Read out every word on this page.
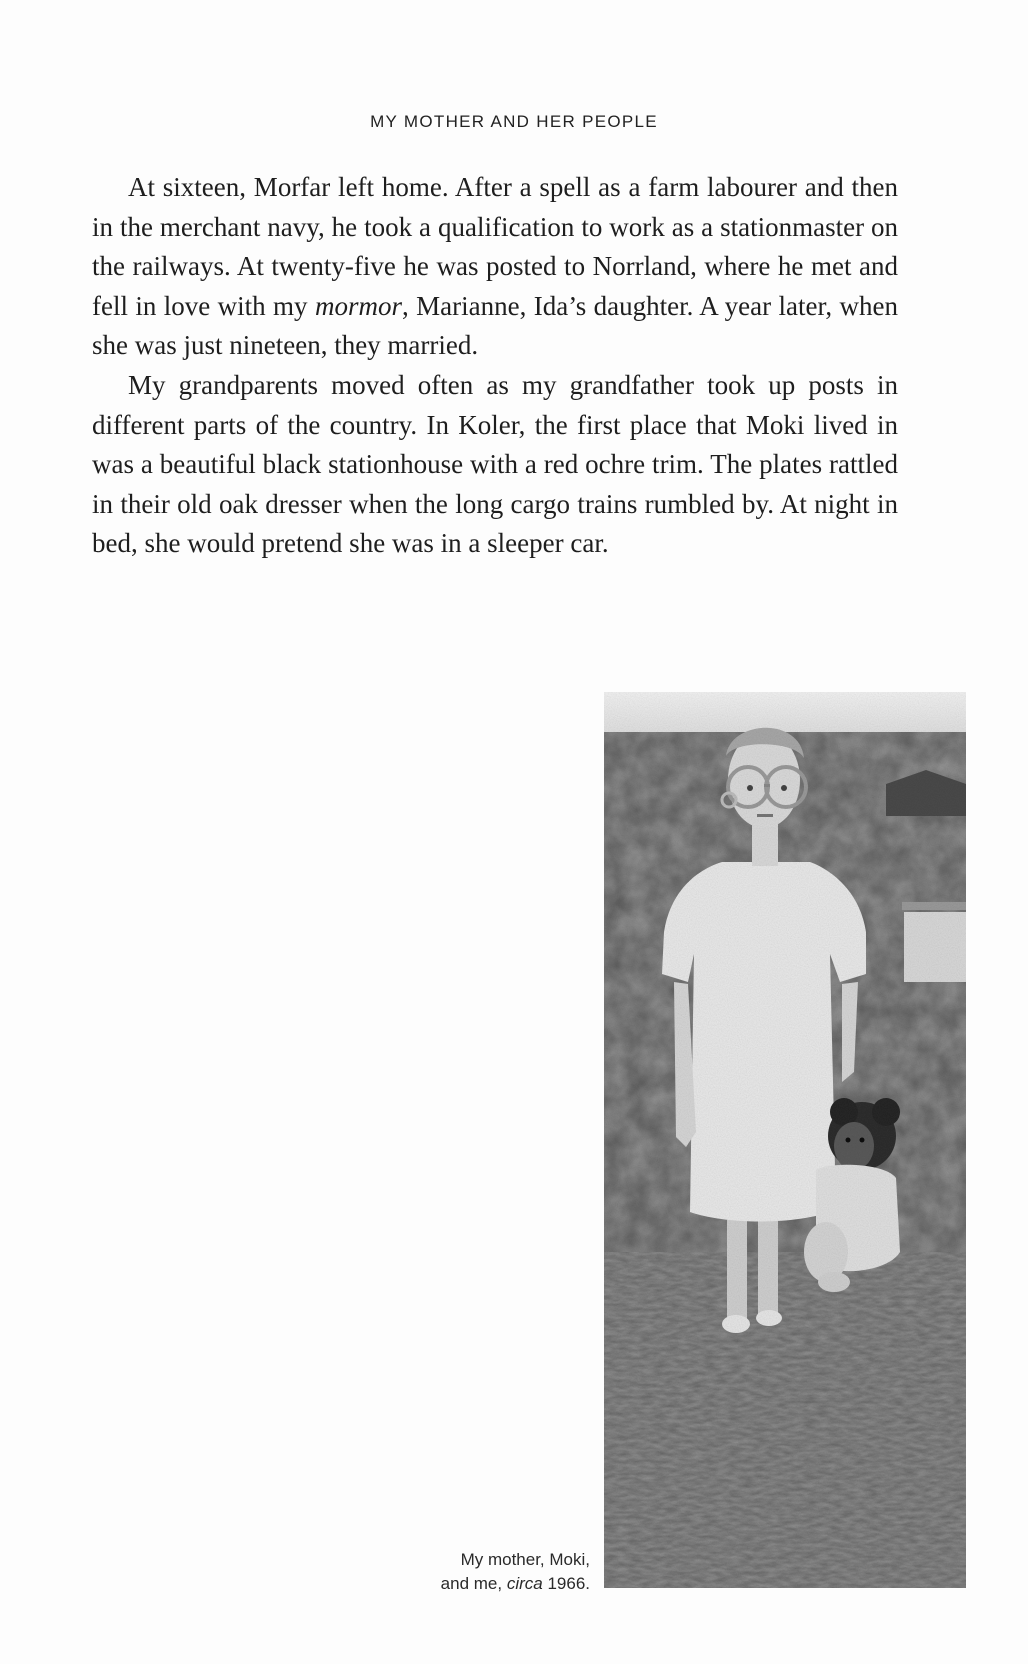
MY MOTHER AND HER PEOPLE

At sixteen, Morfar left home. After a spell as a farm labourer and then in the merchant navy, he took a qualification to work as a stationmaster on the railways. At twenty-five he was posted to Norrland, where he met and fell in love with my mormor, Marianne, Ida’s daughter. A year later, when she was just nineteen, they married.

My grandparents moved often as my grandfather took up posts in different parts of the country. In Koler, the first place that Moki lived in was a beautiful black stationhouse with a red ochre trim. The plates rattled in their old oak dresser when the long cargo trains rumbled by. At night in bed, she would pretend she was in a sleeper car.

My mother, Moki,
and me, circa 1966.
